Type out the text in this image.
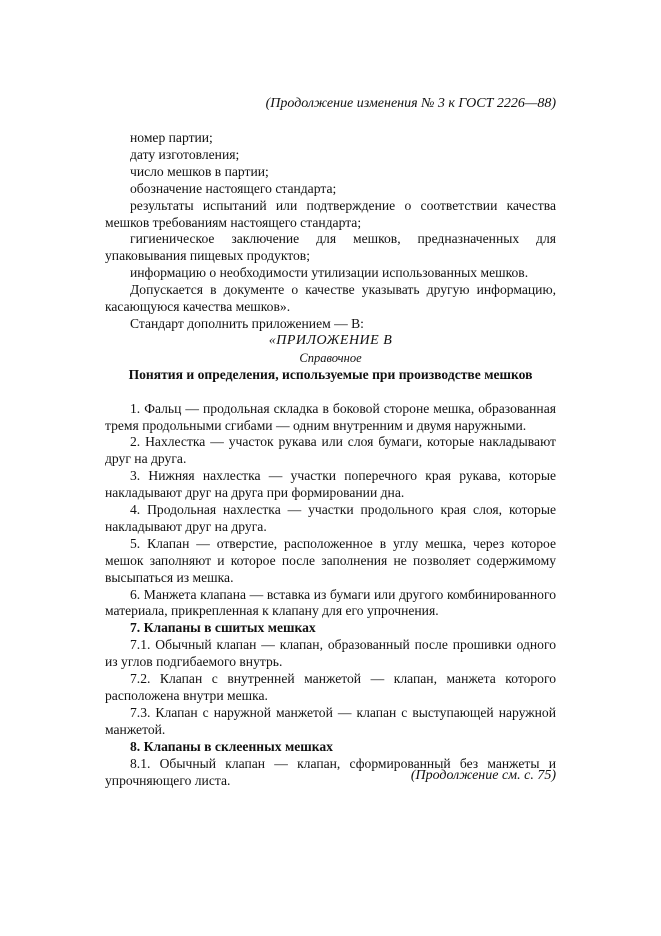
(Продолжение изменения № 3 к ГОСТ 2226—88)

номер партии;

дату изготовления;

число мешков в партии;

обозначение настоящего стандарта;

результаты испытаний или подтверждение о соответствии качества мешков требованиям настоящего стандарта;

гигиеническое заключение для мешков, предназначенных для упаковывания пищевых продуктов;

информацию о необходимости утилизации использованных мешков.

Допускается в документе о качестве указывать другую информацию, касающуюся качества мешков».

Стандарт дополнить приложением — В:

«ПРИЛОЖЕНИЕ В

Справочное

Понятия и определения, используемые при производстве мешков

1. Фальц — продольная складка в боковой стороне мешка, образованная тремя продольными сгибами — одним внутренним и двумя наружными.

2. Нахлестка — участок рукава или слоя бумаги, которые накладывают друг на друга.

3. Нижняя нахлестка — участки поперечного края рукава, которые накладывают друг на друга при формировании дна.

4. Продольная нахлестка — участки продольного края слоя, которые накладывают друг на друга.

5. Клапан — отверстие, расположенное в углу мешка, через которое мешок заполняют и которое после заполнения не позволяет содержимому высыпаться из мешка.

6. Манжета клапана — вставка из бумаги или другого комбинированного материала, прикрепленная к клапану для его упрочнения.

7. Клапаны в сшитых мешках

7.1. Обычный клапан — клапан, образованный после прошивки одного из углов подгибаемого внутрь.

7.2. Клапан с внутренней манжетой — клапан, манжета которого расположена внутри мешка.

7.3. Клапан с наружной манжетой — клапан с выступающей наружной манжетой.

8. Клапаны в склеенных мешках

8.1. Обычный клапан — клапан, сформированный без манжеты и упрочняющего листа.	(Продолжение см. с. 75)
